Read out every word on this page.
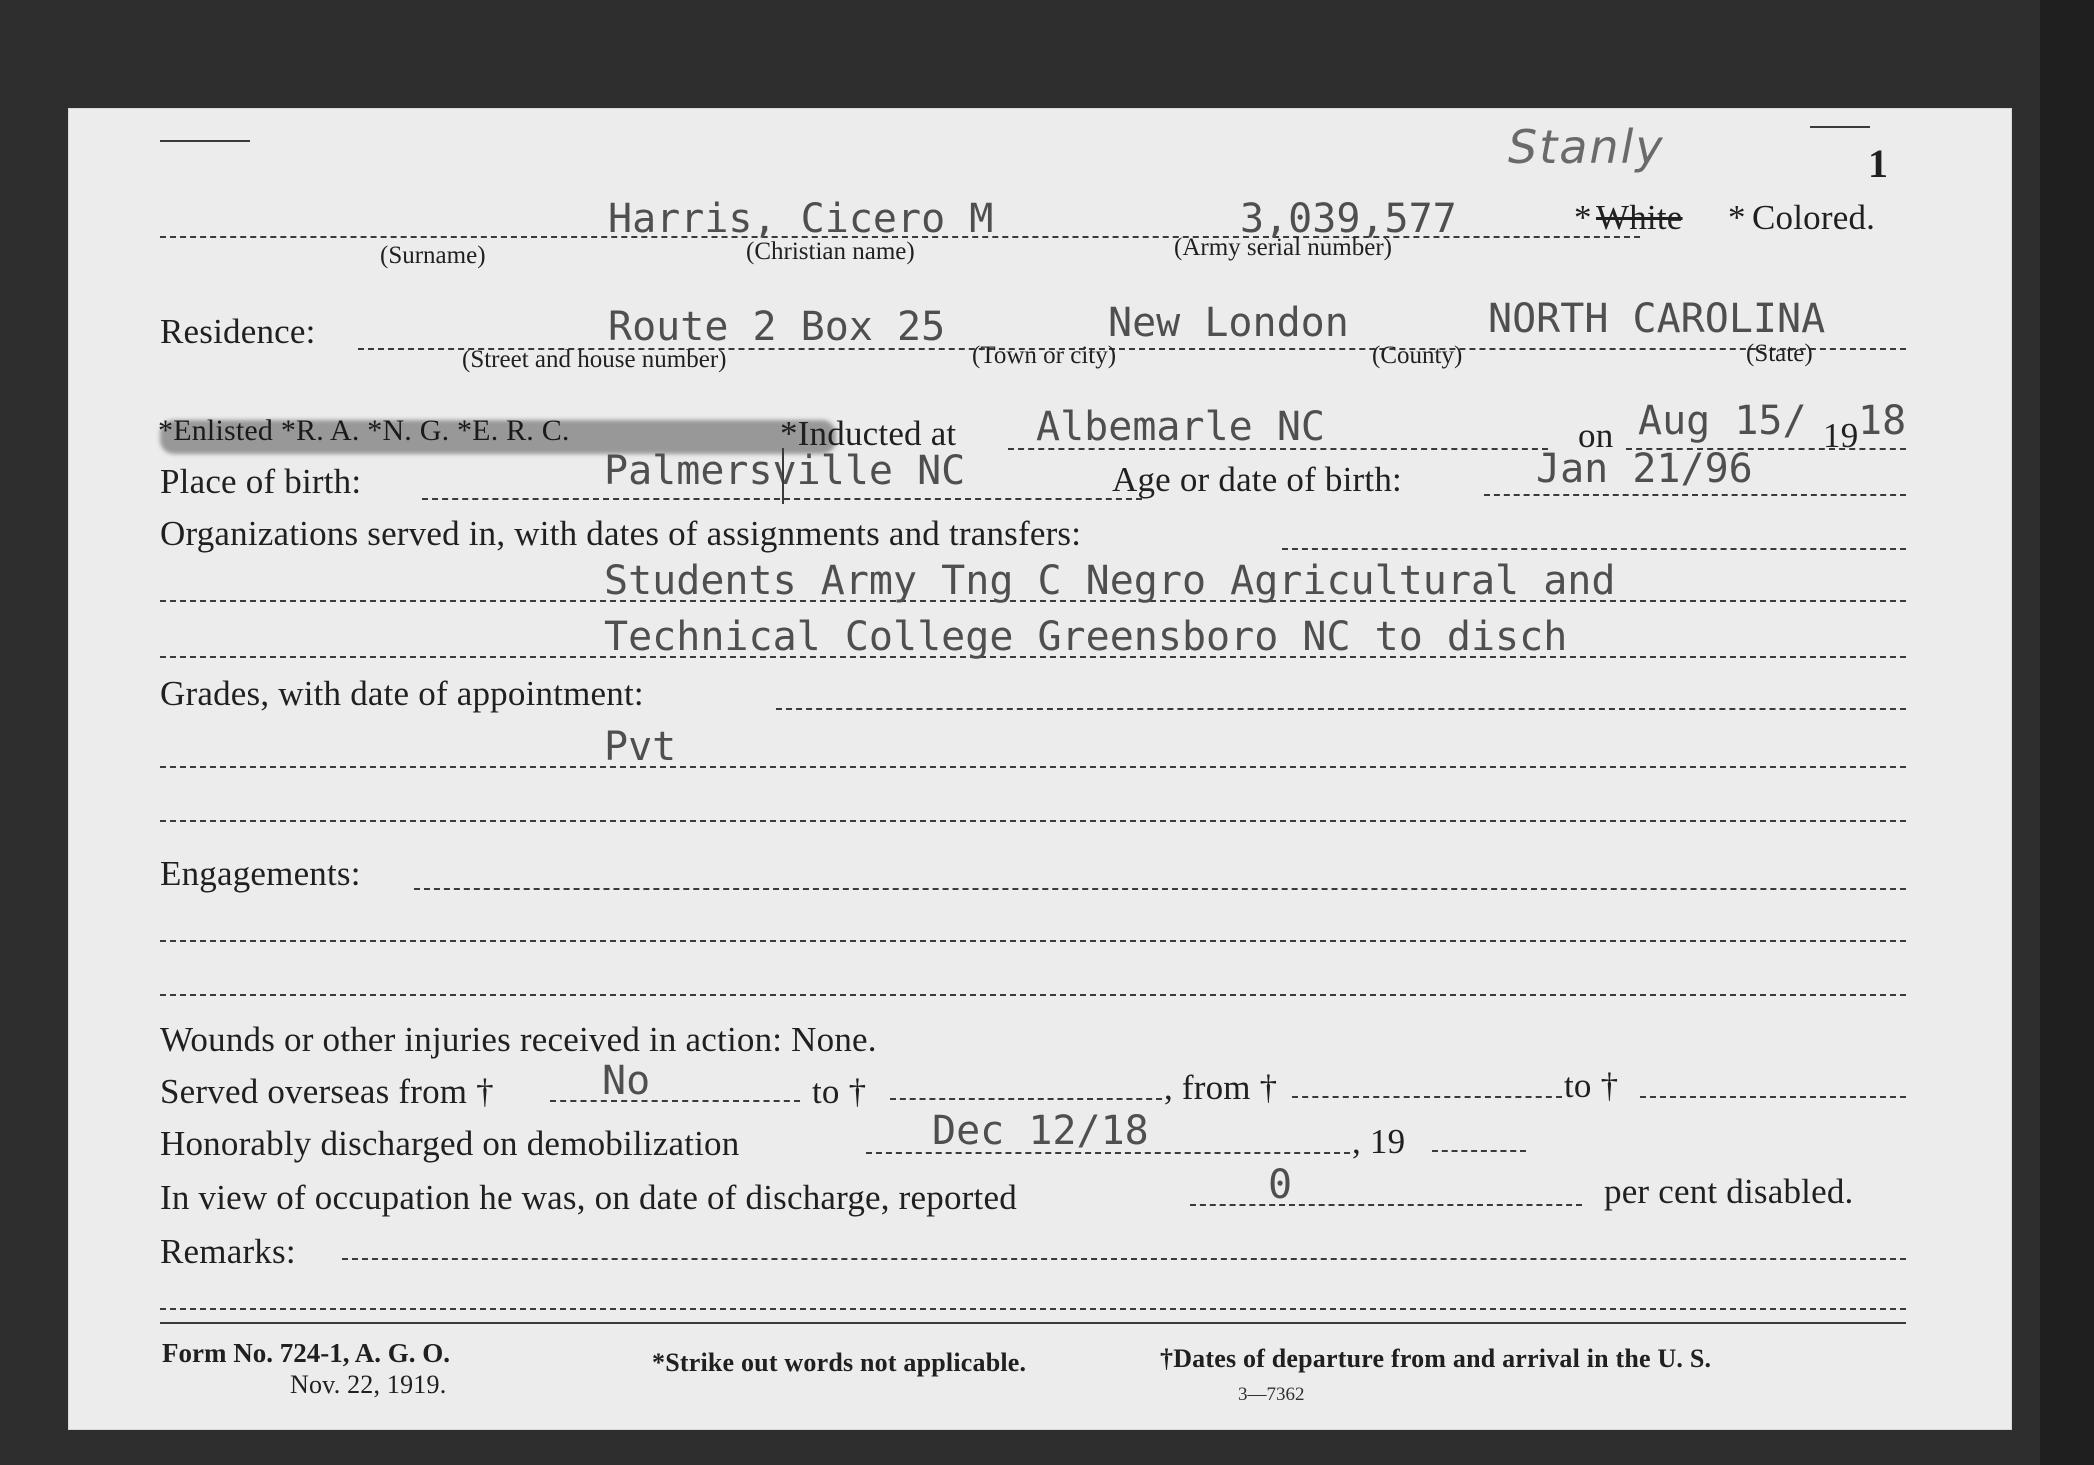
Stanly	1
Harris, Cicero M	3,039,577	* White * Colored.
(Surname)	(Christian name)	(Army serial number)
Residence:	Route 2 Box 25	New London	NORTH CAROLINA
(Street and house number)	(Town or city)	(County)	(State)
*Enlisted *R. A. *N. G. *E. R. C.	*Inducted at Albemarle NC	on Aug 15/ 19 18
Place of birth:	Palmersville NC	Age or date of birth:	Jan 21/96
Organizations served in, with dates of assignments and transfers:
Students Army Tng C Negro Agricultural and
Technical College Greensboro NC to disch
Grades, with date of appointment:
Pvt
Engagements:
Wounds or other injuries received in action: None.
Served overseas from †	No	to †	, from †	to †
Honorably discharged on demobilization	Dec 12/18	, 19
In view of occupation he was, on date of discharge, reported	0	per cent disabled.
Remarks:
Form No. 724-1, A. G. O.
Nov. 22, 1919.
*Strike out words not applicable.	†Dates of departure from and arrival in the U. S.
3—7362
